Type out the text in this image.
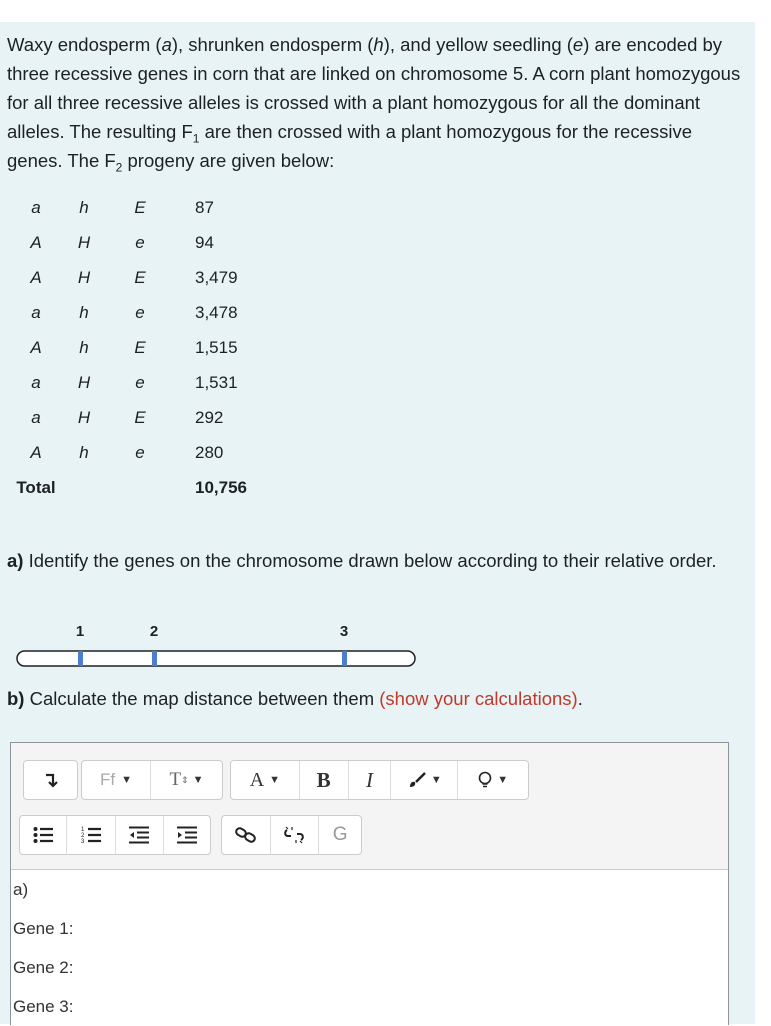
Waxy endosperm (a), shrunken endosperm (h), and yellow seedling (e) are encoded by three recessive genes in corn that are linked on chromosome 5. A corn plant homozygous for all three recessive alleles is crossed with a plant homozygous for all the dominant alleles. The resulting $F_1$ are then crossed with a plant homozygous for the recessive genes. The $F_2$ progeny are given below:

a	h	E		87
A	H	e		94
A	H	E		3,479
a	h	e		3,478
A	h	E		1,515
a	H	e		1,531
a	H	E		292
A	h	e		280
Total				10,756

a) Identify the genes on the chromosome drawn below according to their relative order.

1	2	3

b) Calculate the map distance between them (show your calculations).

Ff ▼ T ⇕ ▼ A ▼ B I	▼	▼
1
2
3	G
a)
Gene 1:
Gene 2:
Gene 3:
